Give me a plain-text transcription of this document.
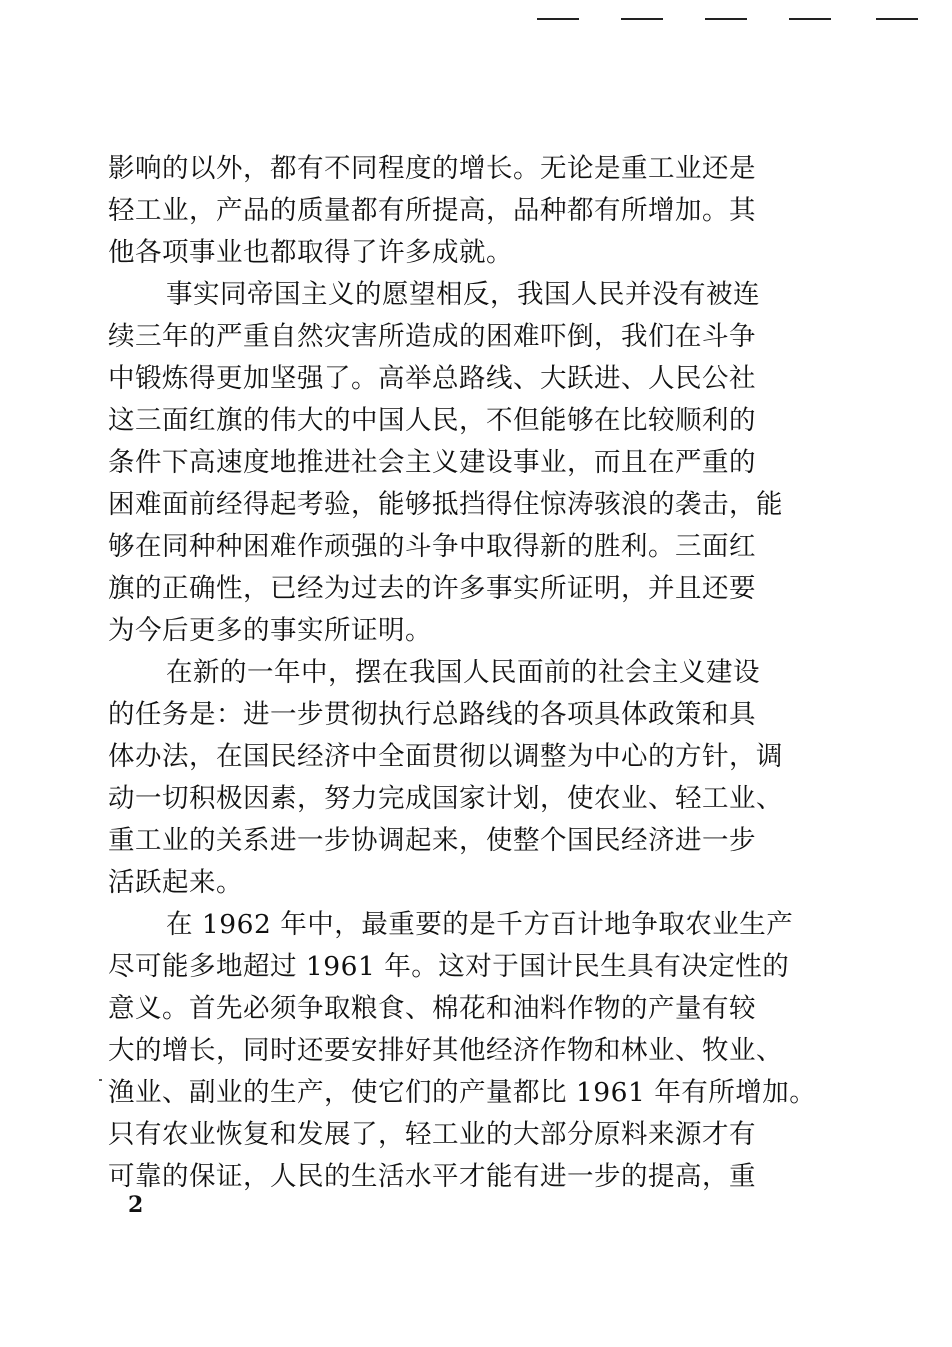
影响的以外，都有不同程度的增长。无论是重工业还是
轻工业，产品的质量都有所提高，品种都有所增加。其
他各项事业也都取得了许多成就。
事实同帝国主义的愿望相反，我国人民并没有被连
续三年的严重自然灾害所造成的困难吓倒，我们在斗争
中锻炼得更加坚强了。高举总路线、大跃进、人民公社
这三面红旗的伟大的中国人民，不但能够在比较顺利的
条件下高速度地推进社会主义建设事业，而且在严重的
困难面前经得起考验，能够抵挡得住惊涛骇浪的袭击，能
够在同种种困难作顽强的斗争中取得新的胜利。三面红
旗的正确性，已经为过去的许多事实所证明，并且还要
为今后更多的事实所证明。
在新的一年中，摆在我国人民面前的社会主义建设
的任务是：进一步贯彻执行总路线的各项具体政策和具
体办法，在国民经济中全面贯彻以调整为中心的方针，调
动一切积极因素，努力完成国家计划，使农业、轻工业、
重工业的关系进一步协调起来，使整个国民经济进一步
活跃起来。
在 1962 年中，最重要的是千方百计地争取农业生产
尽可能多地超过 1961 年。这对于国计民生具有决定性的
意义。首先必须争取粮食、棉花和油料作物的产量有较
大的增长，同时还要安排好其他经济作物和林业、牧业、
渔业、副业的生产，使它们的产量都比 1961 年有所增加。
只有农业恢复和发展了，轻工业的大部分原料来源才有
可靠的保证，人民的生活水平才能有进一步的提高，重
2
